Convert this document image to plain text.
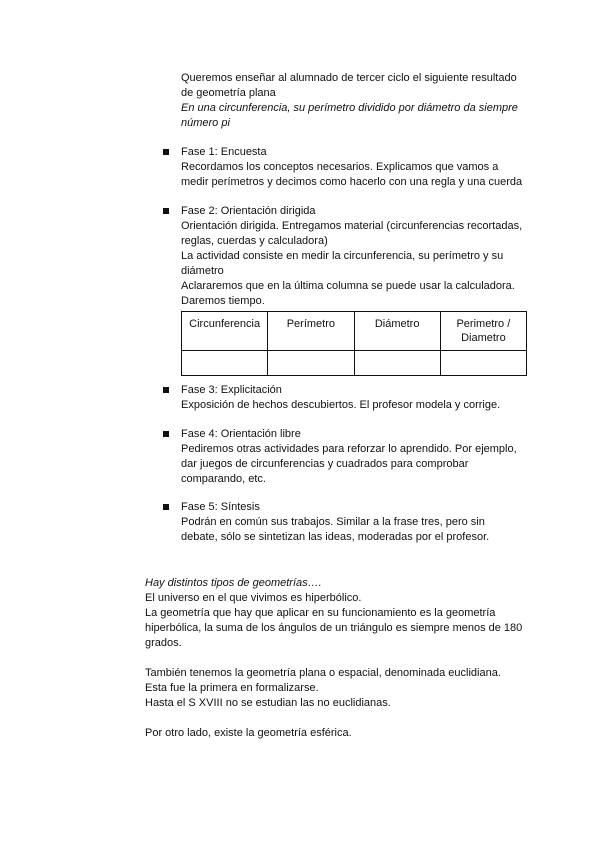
Queremos enseñar al alumnado de tercer ciclo el siguiente resultado

de geometría plana

En una circunferencia, su perímetro dividido por diámetro da siempre

número pi

Fase 1: Encuesta

Recordamos los conceptos necesarios. Explicamos que vamos a

medir perímetros y decimos como hacerlo con una regla y una cuerda

Fase 2: Orientación dirigida

Orientación dirigida. Entregamos material (circunferencias recortadas,

reglas, cuerdas y calculadora)

La actividad consiste en medir la circunferencia, su perímetro y su

diámetro

Aclararemos que en la última columna se puede usar la calculadora.

Daremos tiempo.

Circunferencia	Perímetro	Diámetro	Perimetro /
Diametro

Fase 3: Explicitación

Exposición de hechos descubiertos. El profesor modela y corrige.

Fase 4: Orientación libre

Pediremos otras actividades para reforzar lo aprendido. Por ejemplo,

dar juegos de circunferencias y cuadrados para comprobar

comparando, etc.

Fase 5: Síntesis

Podrán en común sus trabajos. Similar a la frase tres, pero sin

debate, sólo se sintetizan las ideas, moderadas por el profesor.

Hay distintos tipos de geometrías….

El universo en el que vivimos es hiperbólico.

La geometría que hay que aplicar en su funcionamiento es la geometría

hiperbólica, la suma de los ángulos de un triángulo es siempre menos de 180

grados.

También tenemos la geometría plana o espacial, denominada euclidiana.

Esta fue la primera en formalizarse.

Hasta el S XVIII no se estudian las no euclidianas.

Por otro lado, existe la geometría esférica.
